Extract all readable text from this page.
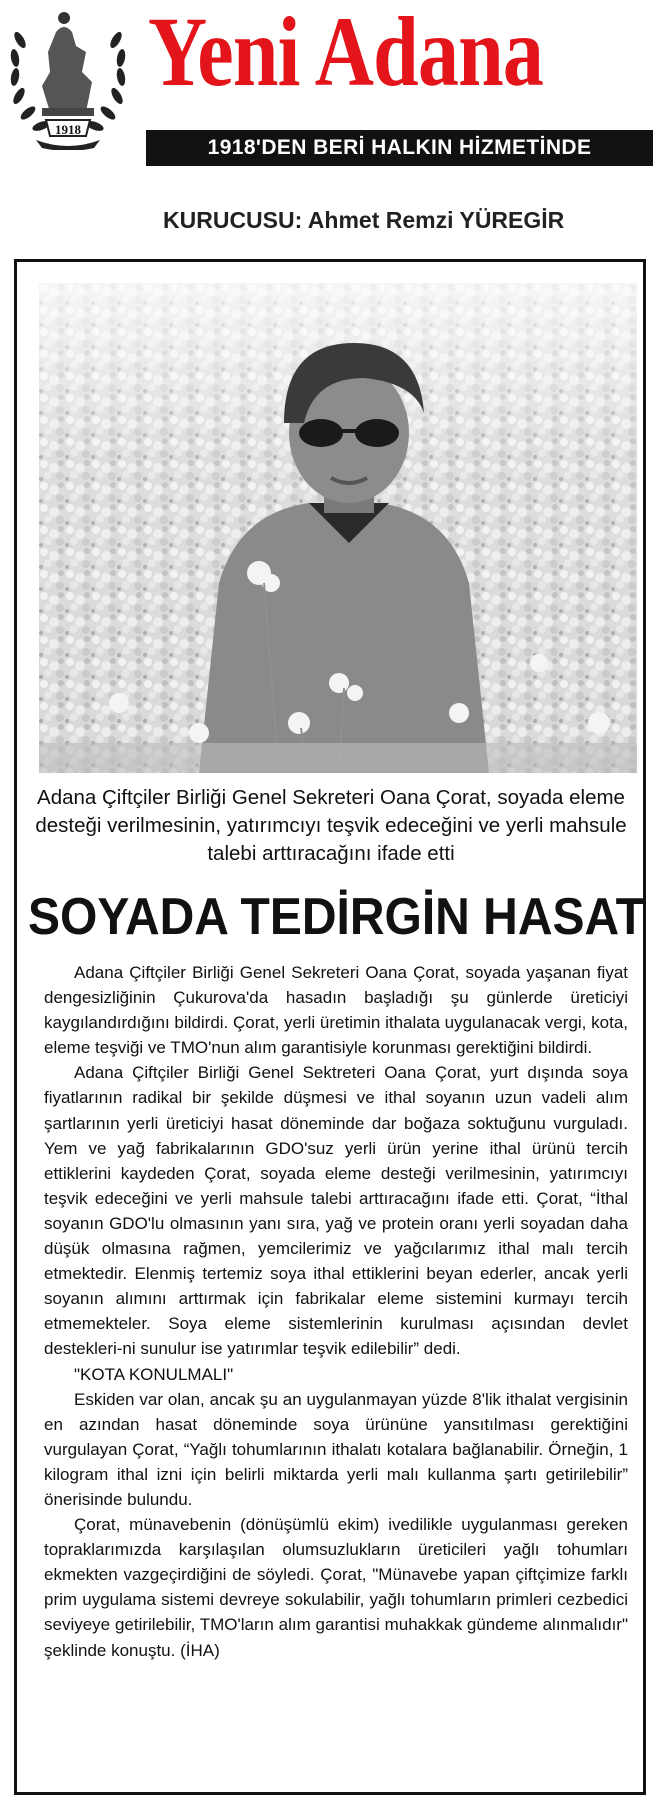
1918
Yeni Adana
1918'DEN BERİ HALKIN HİZMETİNDE
KURUCUSU: Ahmet Remzi YÜREGİR
Adana Çiftçiler Birliği Genel Sekreteri Oana Çorat, soyada eleme desteği verilmesinin, yatırımcıyı teşvik edeceğini ve yerli mahsule talebi arttıracağını ifade etti
SOYADA TEDİRGİN HASAT

Adana Çiftçiler Birliği Genel Sekreteri Oana Çorat, soyada yaşanan fiyat dengesizliğinin Çukurova'da hasadın başladığı şu günlerde üreticiyi kaygılandırdığını bildirdi. Çorat, yerli üretimin ithalata uygulanacak vergi, kota, eleme teşviği ve TMO'nun alım garantisiyle korunması gerektiğini bildirdi.

Adana Çiftçiler Birliği Genel Sektreteri Oana Çorat, yurt dışında soya fiyatlarının radikal bir şekilde düşmesi ve ithal soyanın uzun vadeli alım şartlarının yerli üreticiyi hasat döneminde dar boğaza soktuğunu vurguladı. Yem ve yağ fabrikalarının GDO'suz yerli ürün yerine ithal ürünü tercih ettiklerini kaydeden Çorat, soyada eleme desteği verilmesinin, yatırımcıyı teşvik edeceğini ve yerli mahsule talebi arttıracağını ifade etti. Çorat, “İthal soyanın GDO'lu olmasının yanı sıra, yağ ve protein oranı yerli soyadan daha düşük olmasına rağmen, yemcilerimiz ve yağcılarımız ithal malı tercih etmektedir. Elenmiş tertemiz soya ithal ettiklerini beyan ederler, ancak yerli soyanın alımını arttırmak için fabrikalar eleme sistemini kurmayı tercih etmemekteler. Soya eleme sistemlerinin kurulması açısından devlet destekleri-ni sunulur ise yatırımlar teşvik edilebilir” dedi.

"KOTA KONULMALI"

Eskiden var olan, ancak şu an uygulanmayan yüzde 8'lik ithalat vergisinin en azından hasat döneminde soya ürününe yansıtılması gerektiğini vurgulayan Çorat, “Yağlı tohumlarının ithalatı kotalara bağlanabilir. Örneğin, 1 kilogram ithal izni için belirli miktarda yerli malı kullanma şartı getirilebilir” önerisinde bulundu.

Çorat, münavebenin (dönüşümlü ekim) ivedilikle uygulanması gereken topraklarımızda karşılaşılan olumsuzlukların üreticileri yağlı tohumları ekmekten vazgeçirdiğini de söyledi. Çorat, "Münavebe yapan çiftçimize farklı prim uygulama sistemi devreye sokulabilir, yağlı tohumların primleri cezbedici seviyeye getirilebilir, TMO'ların alım garantisi muhakkak gündeme alınmalıdır" şeklinde konuştu. (İHA)
